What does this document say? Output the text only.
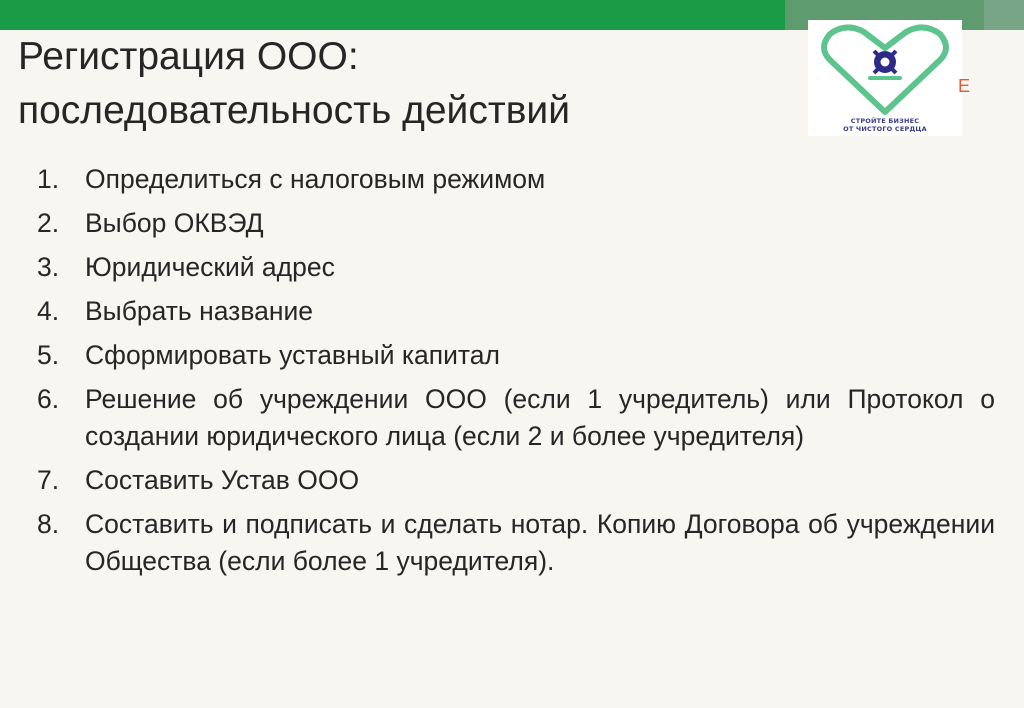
СТРОЙТЕ БИЗНЕС
ОТ ЧИСТОГО СЕРДЦА
E
Регистрация ООО:
последовательность действий
1. Определиться с налоговым режимом
2. Выбор ОКВЭД
3. Юридический адрес
4. Выбрать название
5. Сформировать уставный капитал
6. Решение об учреждении ООО (если 1 учредитель) или Протокол о создании юридического лица (если 2 и более учредителя)
7. Составить Устав ООО
8. Составить и подписать и сделать нотар. Копию Договора об учреждении Общества (если более 1 учредителя).
